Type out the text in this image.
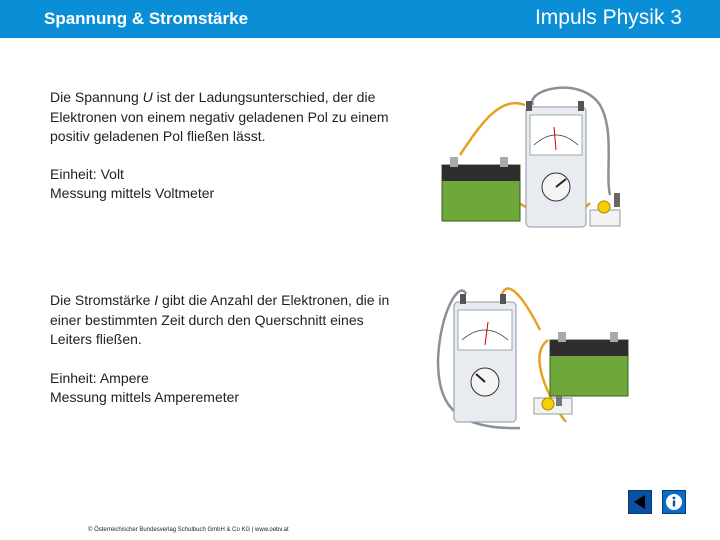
Spannung & Stromstärke	Impuls Physik 3
Die Spannung U ist der Ladungsunterschied, der die Elektronen von einem negativ geladenen Pol zu einem positiv geladenen Pol fließen lässt.
Einheit: Volt
Messung mittels Voltmeter
Die Stromstärke I gibt die Anzahl der Elektronen, die in einer bestimmten Zeit durch den Querschnitt eines Leiters fließen.
Einheit: Ampere
Messung mittels Amperemeter
© Österreichischer Bundesverlag Schulbuch GmbH & Co KG | www.oebv.at
